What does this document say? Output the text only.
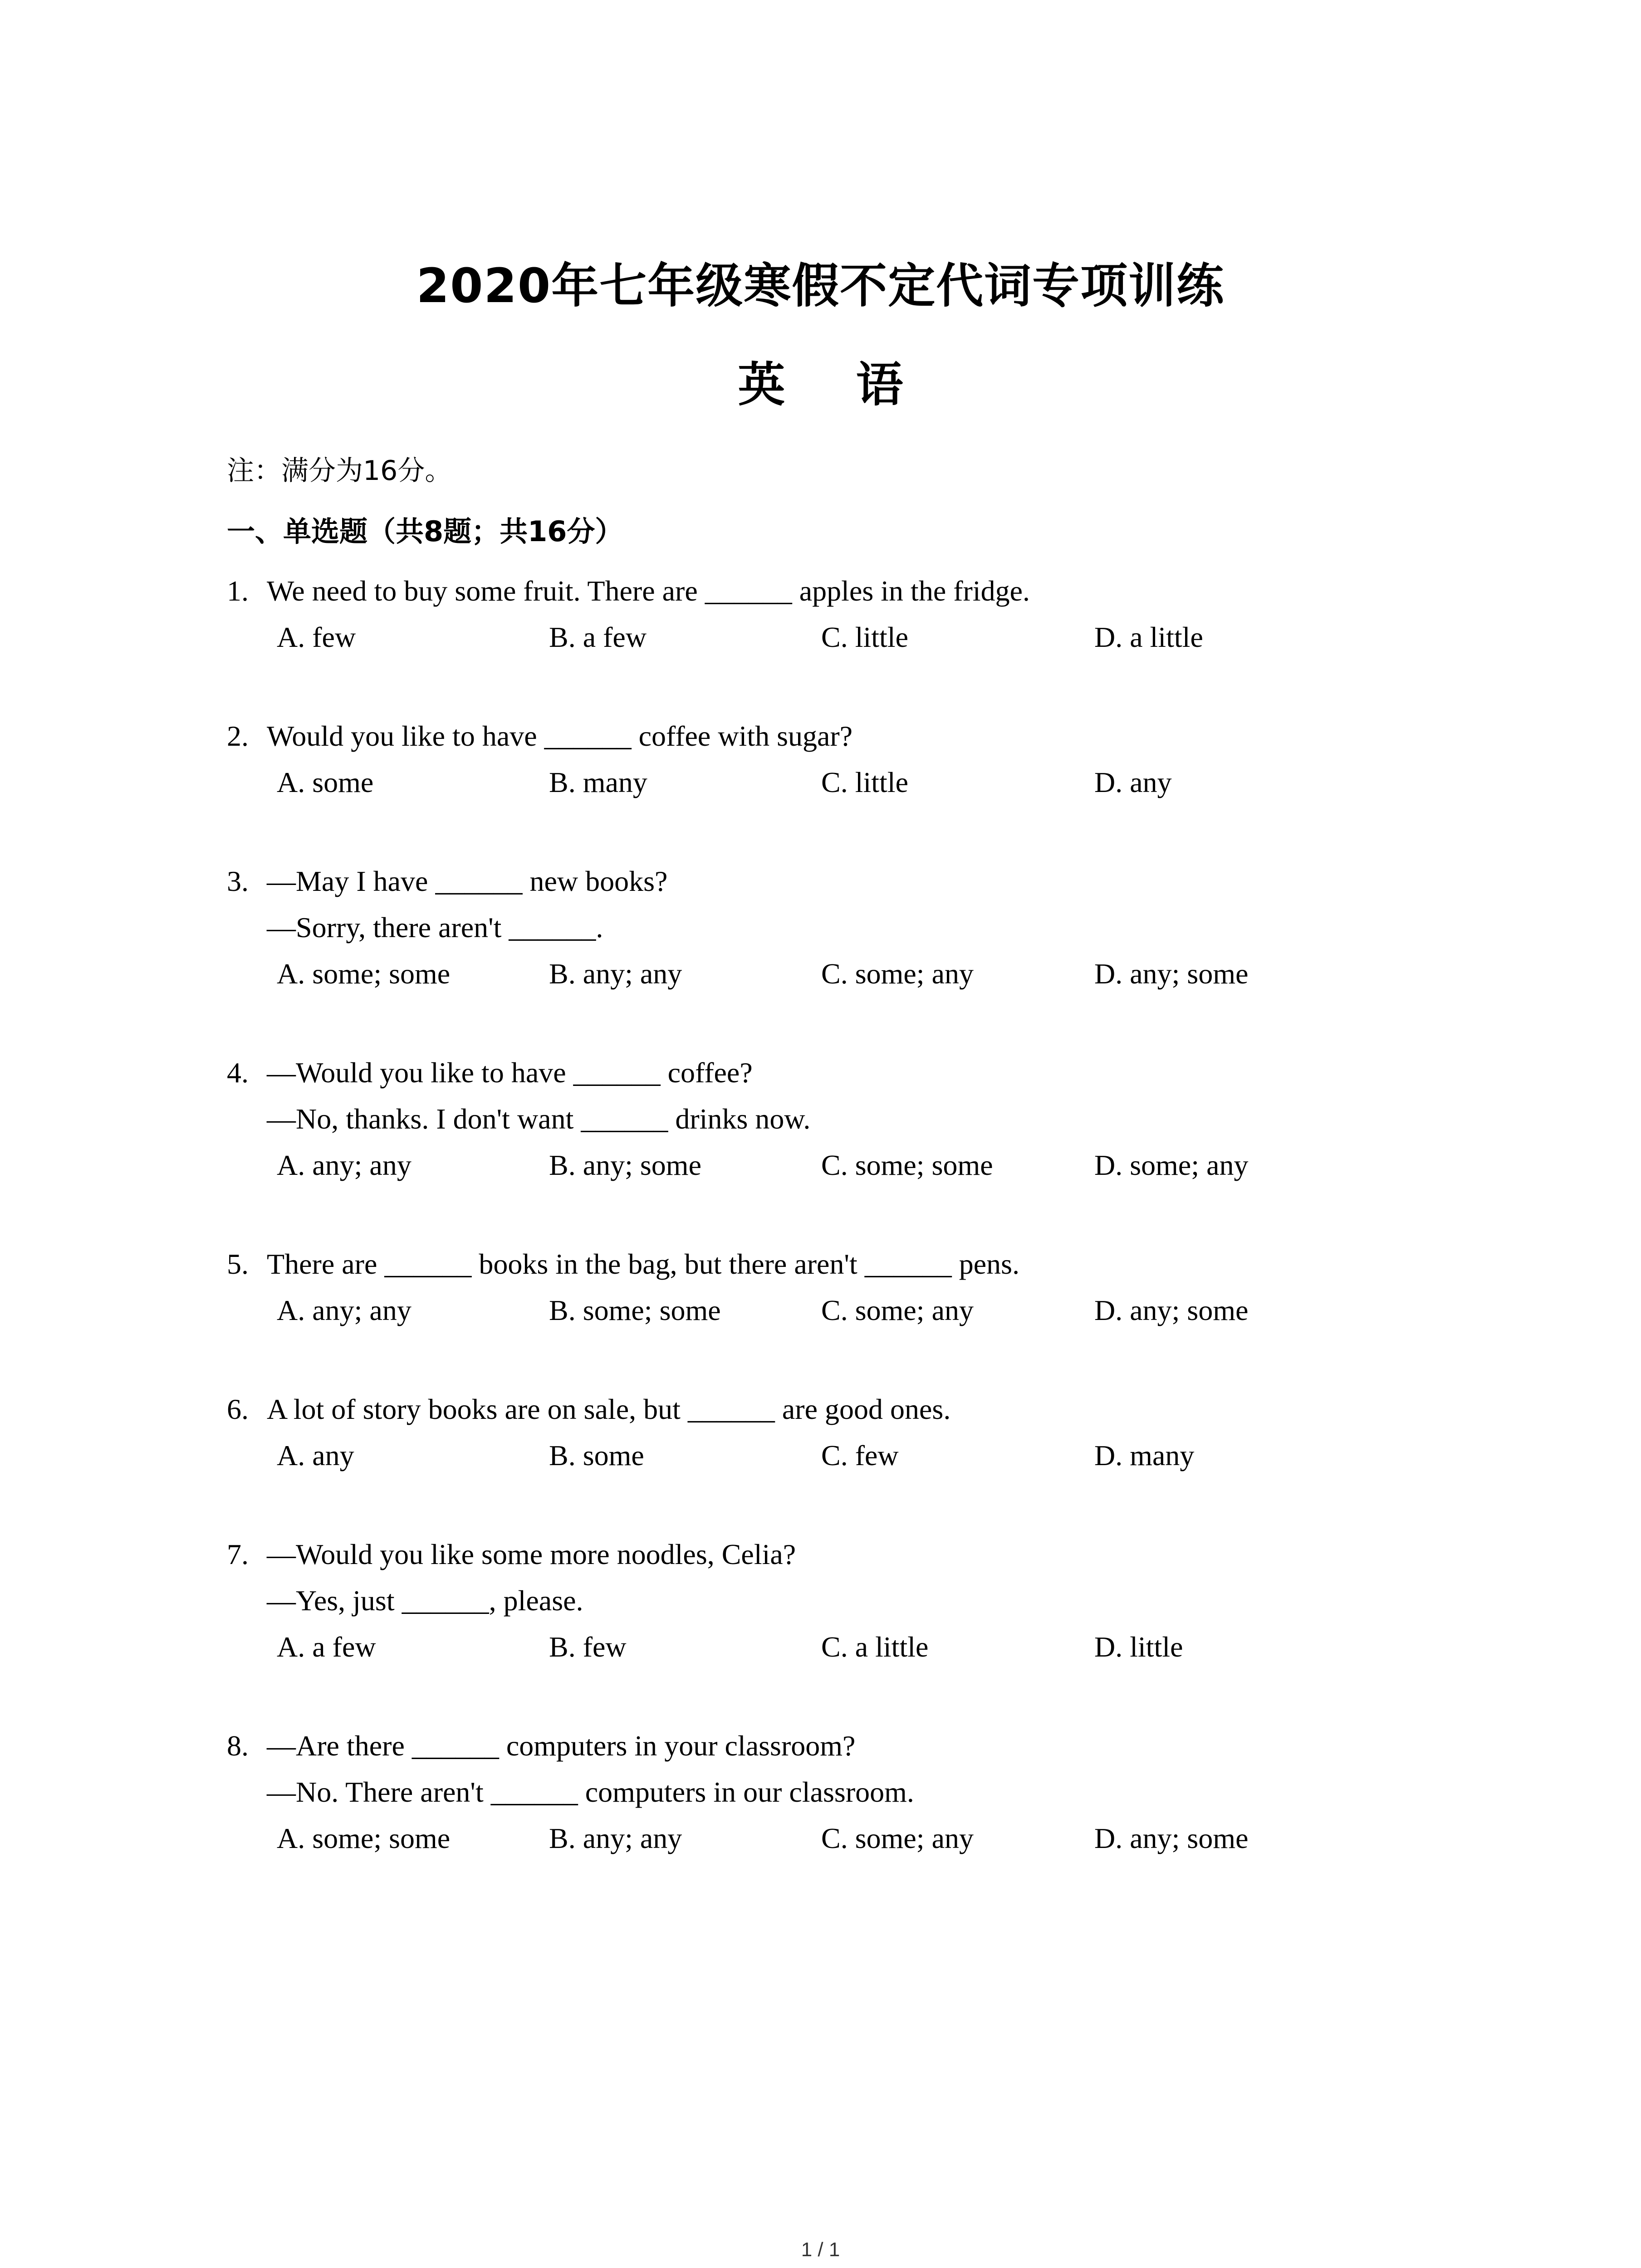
2020年七年级寒假不定代词专项训练
英 语
注：满分为16分。
一、单选题（共8题；共16分）
1. We need to buy some fruit. There are ______ apples in the fridge.
A. few	B. a few	C. little	D. a little
2. Would you like to have ______ coffee with sugar?
A. some	B. many	C. little	D. any
3. —May I have ______ new books?
—Sorry, there aren't ______.
A. some; some	B. any; any	C. some; any	D. any; some
4. —Would you like to have ______ coffee?
—No, thanks. I don't want ______ drinks now.
A. any; any	B. any; some	C. some; some	D. some; any
5. There are ______ books in the bag, but there aren't ______ pens.
A. any; any	B. some; some	C. some; any	D. any; some
6. A lot of story books are on sale, but ______ are good ones.
A. any	B. some	C. few	D. many
7. —Would you like some more noodles, Celia?
—Yes, just ______, please.
A. a few	B. few	C. a little	D. little
8. —Are there ______ computers in your classroom?
—No. There aren't ______ computers in our classroom.
A. some; some	B. any; any	C. some; any	D. any; some
1 / 1
